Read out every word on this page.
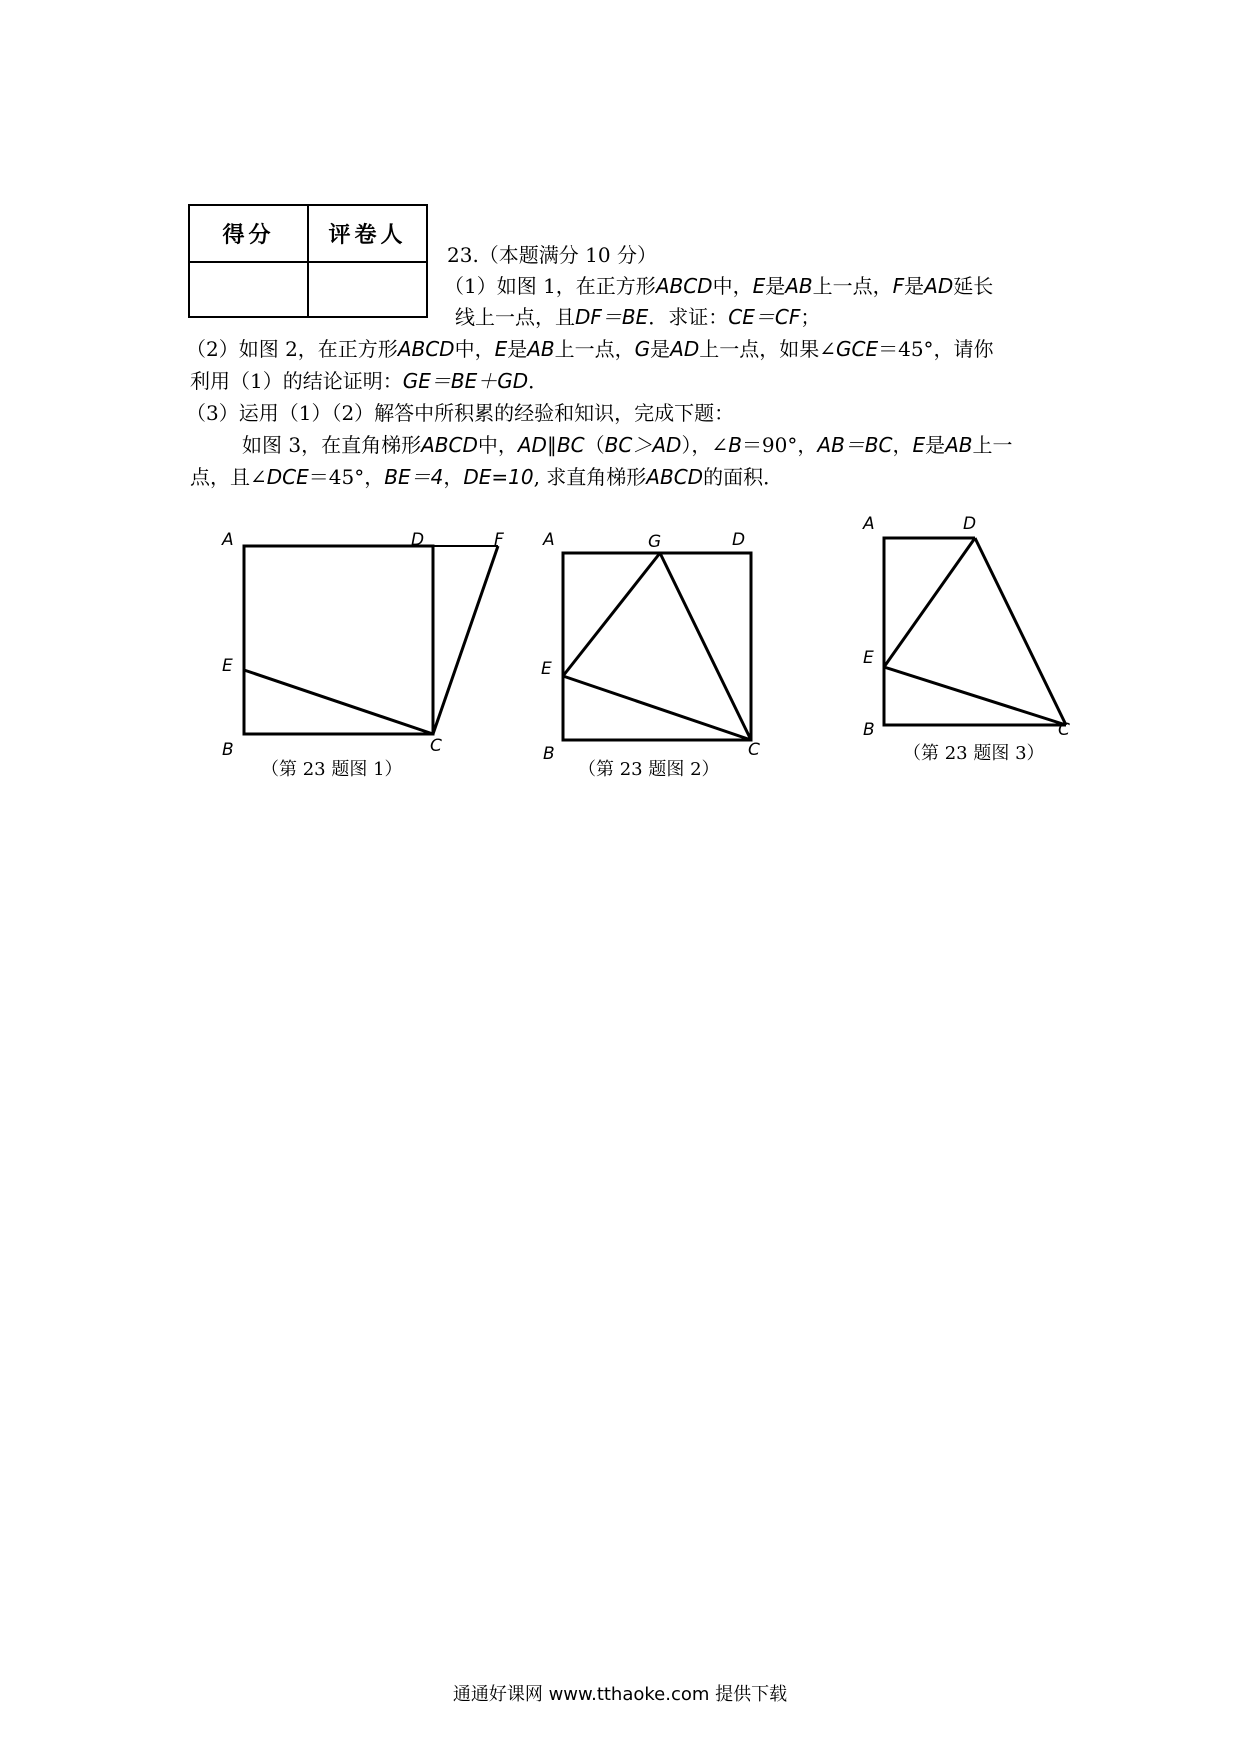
得分	评卷人

23.（本题满分 10 分）
（1）如图 1，在正方形ABCD中，E是AB上一点，F是AD延长
线上一点，且DF＝BE．求证：CE＝CF；
（2）如图 2，在正方形ABCD中，E是AB上一点，G是AD上一点，如果∠GCE＝45°，请你
利用（1）的结论证明：GE＝BE＋GD．
（3）运用（1）（2）解答中所积累的经验和知识，完成下题：
如图 3，在直角梯形ABCD中，AD∥BC（BC＞AD），∠B＝90°，AB＝BC，E是AB上一
点，且∠DCE＝45°，BE＝4，DE=10, 求直角梯形ABCD的面积．
A	D	F
E
B	C
（第 23 题图 1）
A	G	D
E
B	C
（第 23 题图 2）
A	D
E
B	C
（第 23 题图 3）
通通好课网 www.tthaoke.com 提供下载
